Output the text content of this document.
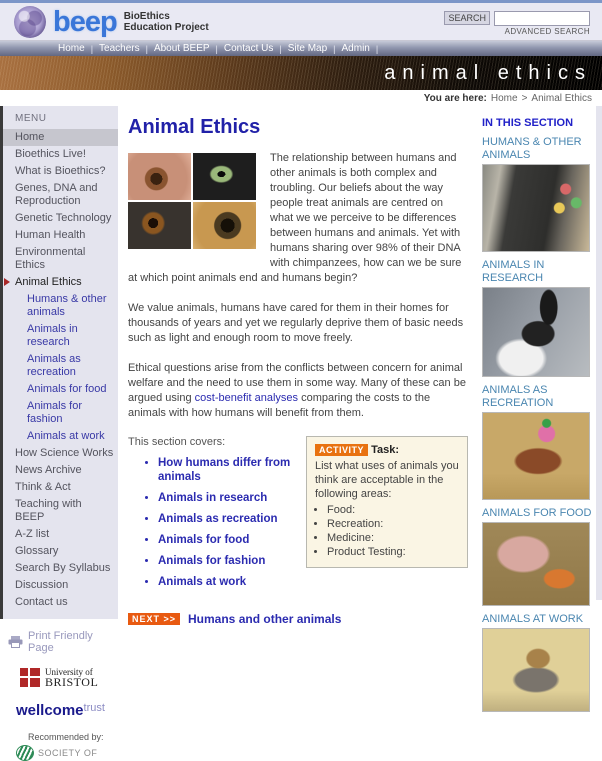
beep BioEthics
Education Project
SEARCH
ADVANCED SEARCH
Home | Teachers | About BEEP | Contact Us | Site Map | Admin |
animal ethics
You are here: Home > Animal Ethics
MENU
Home
Bioethics Live!
What is Bioethics?
Genes, DNA and Reproduction
Genetic Technology
Human Health
Environmental Ethics
Animal Ethics
Humans & other animals
Animals in research
Animals as recreation
Animals for food
Animals for fashion
Animals at work
How Science Works
News Archive
Think & Act
Teaching with BEEP
A-Z list
Glossary
Search By Syllabus
Discussion
Contact us
Print Friendly Page
University of
BRISTOL
wellcome$^{trust}$
Recommended by:
SOCIETY OF
Animal Ethics

The relationship between humans and other animals is both complex and troubling. Our beliefs about the way people treat animals are centred on what we we perceive to be differences between humans and animals. Yet with humans sharing over 98% of their DNA with chimpanzees, how can we be sure at which point animals end and humans begin?

We value animals, humans have cared for them in their homes for thousands of years and yet we regularly deprive them of basic needs such as light and enough room to move freely.

Ethical questions arise from the conflicts between concern for animal welfare and the need to use them in some way. Many of these can be argued using cost-benefit analyses comparing the costs to the animals with how humans will benefit from them.

This section covers:

• How humans differ from animals
• Animals in research
• Animals as recreation
• Animals for food
• Animals for fashion
• Animals at work
ACTIVITY Task:
List what uses of animals you think are acceptable in the following areas:
• Food:
• Recreation:
• Medicine:
• Product Testing:
NEXT >>	Humans and other animals
IN THIS SECTION
HUMANS & OTHER ANIMALS
ANIMALS IN RESEARCH
ANIMALS AS RECREATION
ANIMALS FOR FOOD
ANIMALS AT WORK
